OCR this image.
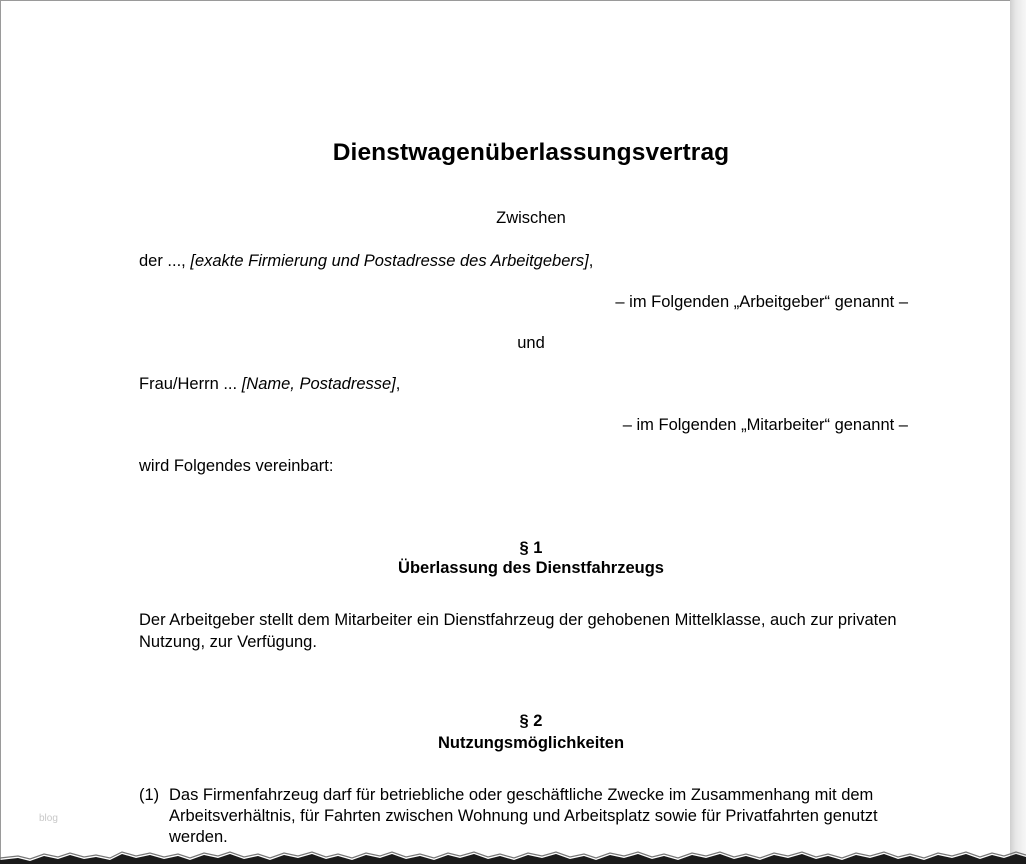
Dienstwagenüberlassungsvertrag
Zwischen
der ..., [exakte Firmierung und Postadresse des Arbeitgebers],
– im Folgenden „Arbeitgeber“ genannt –
und
Frau/Herrn ... [Name, Postadresse],
– im Folgenden „Mitarbeiter“ genannt –
wird Folgendes vereinbart:
§ 1
Überlassung des Dienstfahrzeugs
Der Arbeitgeber stellt dem Mitarbeiter ein Dienstfahrzeug der gehobenen Mittelklasse, auch zur privaten Nutzung, zur Verfügung.
§ 2
Nutzungsmöglichkeiten
(1) Das Firmenfahrzeug darf für betriebliche oder geschäftliche Zwecke im Zusammenhang mit dem Arbeitsverhältnis, für Fahrten zwischen Wohnung und Arbeitsplatz sowie für Privatfahrten genutzt werden.
blog
